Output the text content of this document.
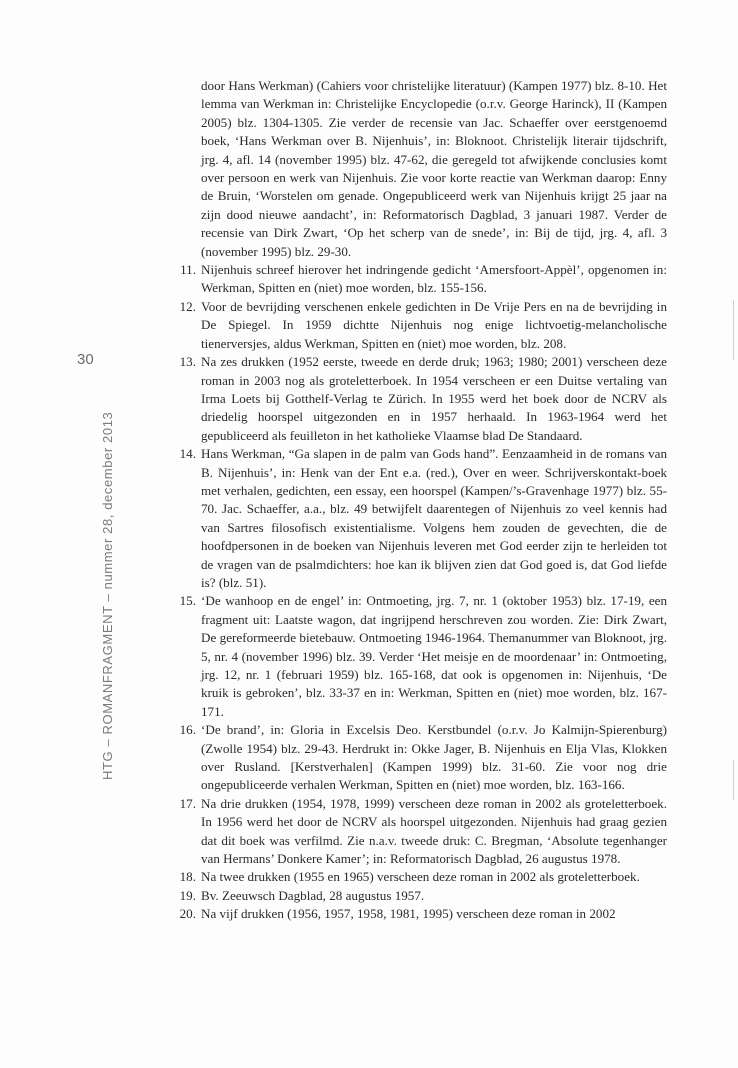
30
HTG – ROMANFRAGMENT – nummer 28, december 2013
door Hans Werkman) (Cahiers voor christelijke literatuur) (Kampen 1977) blz. 8-10. Het lemma van Werkman in: Christelijke Encyclopedie (o.r.v. George Harinck), II (Kampen 2005) blz. 1304-1305. Zie verder de recensie van Jac. Schaeffer over eerstgenoemd boek, ‘Hans Werkman over B. Nijenhuis’, in: Bloknoot. Christelijk literair tijdschrift, jrg. 4, afl. 14 (november 1995) blz. 47-62, die geregeld tot afwijkende conclusies komt over persoon en werk van Nijenhuis. Zie voor korte reactie van Werkman daarop: Enny de Bruin, ‘Worstelen om genade. Ongepubliceerd werk van Nijenhuis krijgt 25 jaar na zijn dood nieuwe aandacht’, in: Reformatorisch Dagblad, 3 januari 1987. Verder de recensie van Dirk Zwart, ‘Op het scherp van de snede’, in: Bij de tijd, jrg. 4, afl. 3 (november 1995) blz. 29-30.
11. Nijenhuis schreef hierover het indringende gedicht ‘Amersfoort-Appèl’, opgenomen in: Werkman, Spitten en (niet) moe worden, blz. 155-156.
12. Voor de bevrijding verschenen enkele gedichten in De Vrije Pers en na de bevrijding in De Spiegel. In 1959 dichtte Nijenhuis nog enige lichtvoetig-melancholische tienerversjes, aldus Werkman, Spitten en (niet) moe worden, blz. 208.
13. Na zes drukken (1952 eerste, tweede en derde druk; 1963; 1980; 2001) verscheen deze roman in 2003 nog als groteletterboek. In 1954 verscheen er een Duitse vertaling van Irma Loets bij Gotthelf-Verlag te Zürich. In 1955 werd het boek door de NCRV als driedelig hoorspel uitgezonden en in 1957 herhaald. In 1963-1964 werd het gepubliceerd als feuilleton in het katholieke Vlaamse blad De Standaard.
14. Hans Werkman, “Ga slapen in de palm van Gods hand”. Eenzaamheid in de romans van B. Nijenhuis’, in: Henk van der Ent e.a. (red.), Over en weer. Schrijverskontakt-boek met verhalen, gedichten, een essay, een hoorspel (Kampen/’s-Gravenhage 1977) blz. 55-70. Jac. Schaeffer, a.a., blz. 49 betwijfelt daarentegen of Nijenhuis zo veel kennis had van Sartres filosofisch existentialisme. Volgens hem zouden de gevechten, die de hoofdpersonen in de boeken van Nijenhuis leveren met God eerder zijn te herleiden tot de vragen van de psalmdichters: hoe kan ik blijven zien dat God goed is, dat God liefde is? (blz. 51).
15. ‘De wanhoop en de engel’ in: Ontmoeting, jrg. 7, nr. 1 (oktober 1953) blz. 17-19, een fragment uit: Laatste wagon, dat ingrijpend herschreven zou worden. Zie: Dirk Zwart, De gereformeerde bietebauw. Ontmoeting 1946-1964. Themanummer van Bloknoot, jrg. 5, nr. 4 (november 1996) blz. 39. Verder ‘Het meisje en de moordenaar’ in: Ontmoeting, jrg. 12, nr. 1 (februari 1959) blz. 165-168, dat ook is opgenomen in: Nijenhuis, ‘De kruik is gebroken’, blz. 33-37 en in: Werkman, Spitten en (niet) moe worden, blz. 167-171.
16. ‘De brand’, in: Gloria in Excelsis Deo. Kerstbundel (o.r.v. Jo Kalmijn-Spierenburg) (Zwolle 1954) blz. 29-43. Herdrukt in: Okke Jager, B. Nijenhuis en Elja Vlas, Klokken over Rusland. [Kerstverhalen] (Kampen 1999) blz. 31-60. Zie voor nog drie ongepubliceerde verhalen Werkman, Spitten en (niet) moe worden, blz. 163-166.
17. Na drie drukken (1954, 1978, 1999) verscheen deze roman in 2002 als groteletterboek. In 1956 werd het door de NCRV als hoorspel uitgezonden. Nijenhuis had graag gezien dat dit boek was verfilmd. Zie n.a.v. tweede druk: C. Bregman, ‘Absolute tegenhanger van Hermans’ Donkere Kamer’; in: Reformatorisch Dagblad, 26 augustus 1978.
18. Na twee drukken (1955 en 1965) verscheen deze roman in 2002 als groteletterboek.
19. Bv. Zeeuwsch Dagblad, 28 augustus 1957.
20. Na vijf drukken (1956, 1957, 1958, 1981, 1995) verscheen deze roman in 2002
